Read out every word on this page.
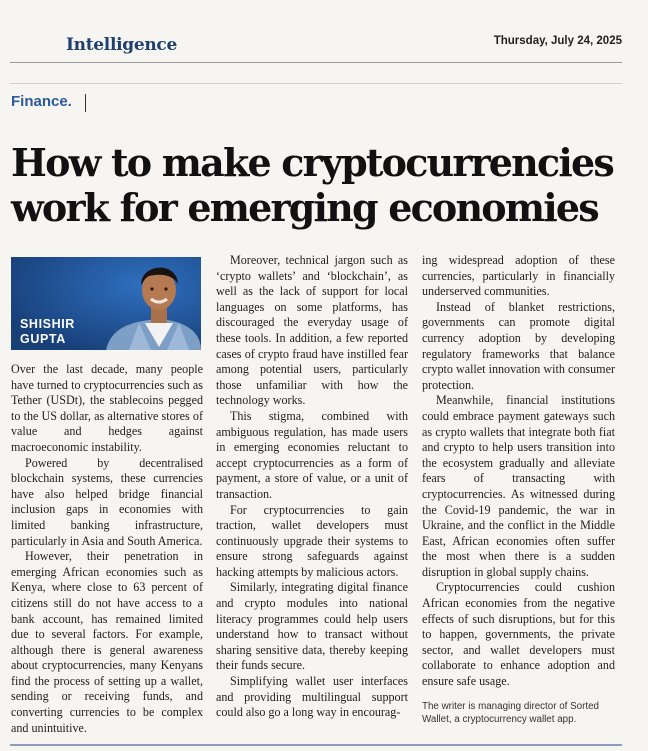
Intelligence	Thursday, July 24, 2025
Finance.
How to make cryptocurrencies work for emerging economies
SHISHIR
GUPTA

Over the last decade, many people have turned to cryptocurrencies such as Tether (USDt), the stablecoins pegged to the US dollar, as alternative stores of value and hedges against macroeconomic instability.

Powered by decentralised blockchain systems, these currencies have also helped bridge financial inclusion gaps in economies with limited banking infrastructure, particularly in Asia and South America.

However, their penetration in emerging African economies such as Kenya, where close to 63 percent of citizens still do not have access to a bank account, has remained limited due to several factors. For example, although there is general awareness about cryptocurrencies, many Kenyans find the process of setting up a wallet, sending or receiving funds, and converting currencies to be complex and unintuitive.

Moreover, technical jargon such as ‘crypto wallets’ and ‘blockchain’, as well as the lack of support for local languages on some platforms, has discouraged the everyday usage of these tools. In addition, a few reported cases of crypto fraud have instilled fear among potential users, particularly those unfamiliar with how the technology works.

This stigma, combined with ambiguous regulation, has made users in emerging economies reluctant to accept cryptocurrencies as a form of payment, a store of value, or a unit of transaction.

For cryptocurrencies to gain traction, wallet developers must continuously upgrade their systems to ensure strong safeguards against hacking attempts by malicious actors.

Similarly, integrating digital finance and crypto modules into national literacy programmes could help users understand how to transact without sharing sensitive data, thereby keeping their funds secure.

Simplifying wallet user interfaces and providing multilingual support could also go a long way in encourag-

ing widespread adoption of these currencies, particularly in financially underserved communities.

Instead of blanket restrictions, governments can promote digital currency adoption by developing regulatory frameworks that balance crypto wallet innovation with consumer protection.

Meanwhile, financial institutions could embrace payment gateways such as crypto wallets that integrate both fiat and crypto to help users transition into the ecosystem gradually and alleviate fears of transacting with cryptocurrencies. As witnessed during the Covid-19 pandemic, the war in Ukraine, and the conflict in the Middle East, African economies often suffer the most when there is a sudden disruption in global supply chains.

Cryptocurrencies could cushion African economies from the negative effects of such disruptions, but for this to happen, governments, the private sector, and wallet developers must collaborate to enhance adoption and ensure safe usage.

The writer is managing director of Sorted Wallet, a cryptocurrency wallet app.
